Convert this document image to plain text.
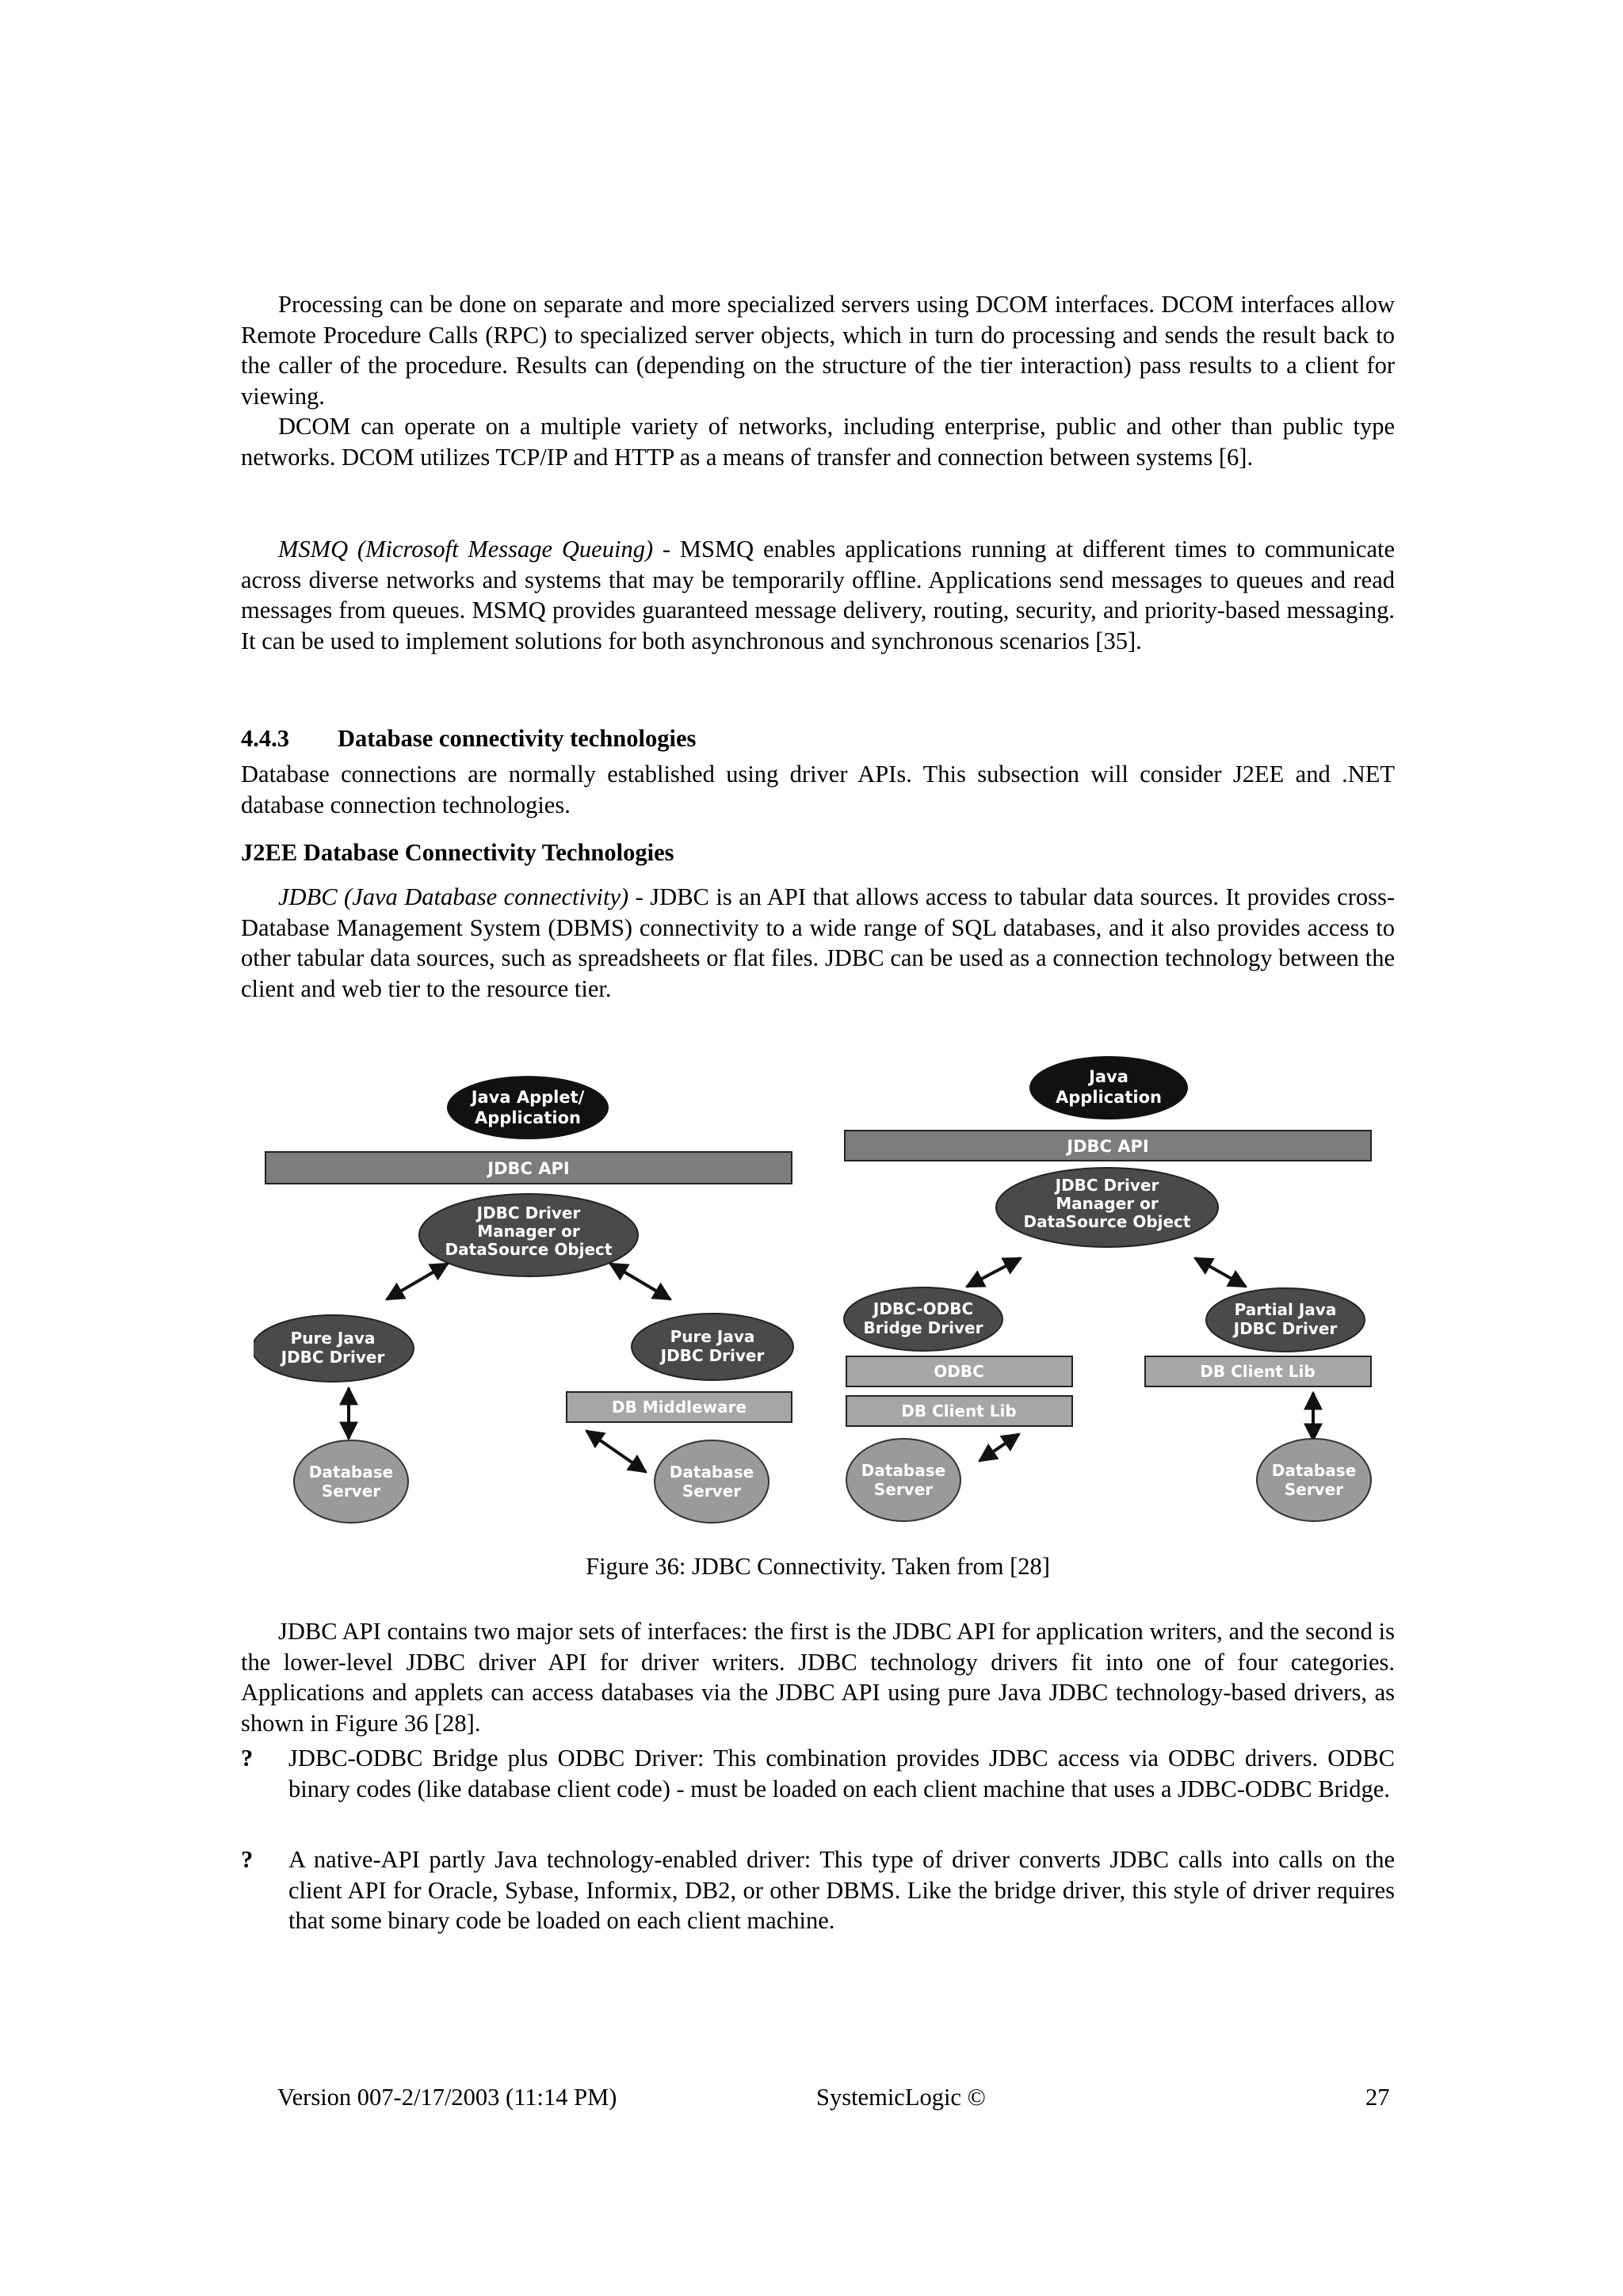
Processing can be done on separate and more specialized servers using DCOM interfaces. DCOM interfaces allow Remote Procedure Calls (RPC) to specialized server objects, which in turn do processing and sends the result back to the caller of the procedure. Results can (depending on the structure of the tier interaction) pass results to a client for viewing.

DCOM can operate on a multiple variety of networks, including enterprise, public and other than public type networks. DCOM utilizes TCP/IP and HTTP as a means of transfer and connection between systems [6].

MSMQ (Microsoft Message Queuing) - MSMQ enables applications running at different times to communicate across diverse networks and systems that may be temporarily offline. Applications send messages to queues and read messages from queues. MSMQ provides guaranteed message delivery, routing, security, and priority-based messaging. It can be used to implement solutions for both asynchronous and synchronous scenarios [35].

4.4.3 Database connectivity technologies

Database connections are normally established using driver APIs. This subsection will consider J2EE and .NET database connection technologies.

J2EE Database Connectivity Technologies

JDBC (Java Database connectivity) - JDBC is an API that allows access to tabular data sources. It provides cross- Database Management System (DBMS) connectivity to a wide range of SQL databases, and it also provides access to other tabular data sources, such as spreadsheets or flat files. JDBC can be used as a connection technology between the client and web tier to the resource tier.

Java Applet/
Application
JDBC API
JDBC Driver
Manager or
DataSource Object
Pure Java
JDBC Driver
Pure Java
JDBC Driver
DB Middleware
Database
Server
Database
Server
Java
Application
JDBC API
JDBC Driver
Manager or
DataSource Object
JDBC-ODBC
Bridge Driver
Partial Java
JDBC Driver
ODBC
DB Client Lib
DB Client Lib
Database
Server
Database
Server
Figure 36: JDBC Connectivity. Taken from [28]

JDBC API contains two major sets of interfaces: the first is the JDBC API for application writers, and the second is the lower-level JDBC driver API for driver writers. JDBC technology drivers fit into one of four categories. Applications and applets can access databases via the JDBC API using pure Java JDBC technology-based drivers, as shown in Figure 36 [28].

? JDBC-ODBC Bridge plus ODBC Driver: This combination provides JDBC access via ODBC drivers. ODBC binary codes (like database client code) - must be loaded on each client machine that uses a JDBC-ODBC Bridge.
? A native-API partly Java technology-enabled driver: This type of driver converts JDBC calls into calls on the client API for Oracle, Sybase, Informix, DB2, or other DBMS. Like the bridge driver, this style of driver requires that some binary code be loaded on each client machine.
Version 007-2/17/2003 (11:14 PM)	SystemicLogic ©	27
